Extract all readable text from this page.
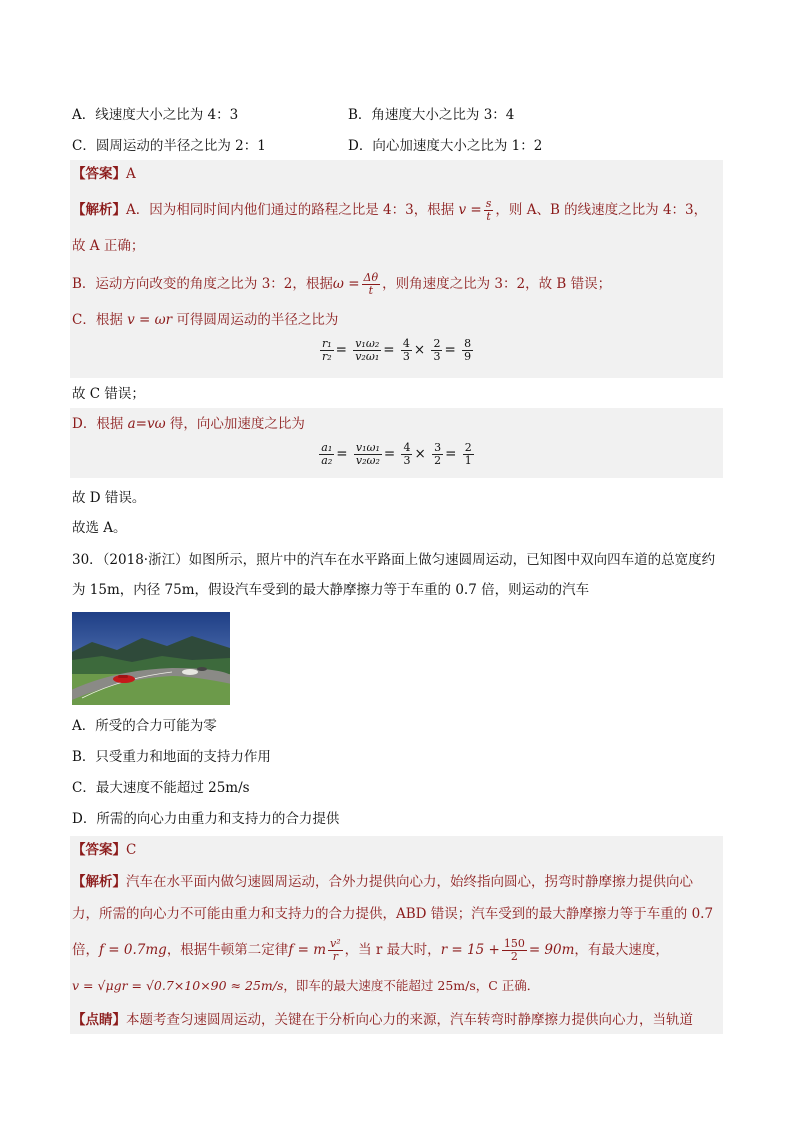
A．线速度大小之比为 4：3	B．角速度大小之比为 3：4
C．圆周运动的半径之比为 2：1	D．向心加速度大小之比为 1：2
【答案】A
【解析】A．因为相同时间内他们通过的路程之比是 4：3，根据 $v = \frac{s}{t}$ ，则 A、B 的线速度之比为 4：3，
故 A 正确；
B．运动方向改变的角度之比为 3：2，根据$\omega = \frac{\Delta\theta}{t}$ ，则角速度之比为 3：2，故 B 错误；
C．根据 v = ωr 可得圆周运动的半径之比为
$\frac{\text{r₁}}{\text{r₂}} = \frac{\text{v₁ω₂}}{\text{v₂ω₁}} = \frac{4}{3} \times \frac{2}{3} = \frac{8}{9}$
故 C 错误；
D．根据 a=vω 得，向心加速度之比为
$\frac{\text{a₁}}{\text{a₂}} = \frac{\text{v₁ω₁}}{\text{v₂ω₂}} = \frac{4}{3} \times \frac{3}{2} = \frac{2}{1}$
故 D 错误。
故选 A。
30．（2018·浙江）如图所示，照片中的汽车在水平路面上做匀速圆周运动，已知图中双向四车道的总宽度约
为 15m，内径 75m，假设汽车受到的最大静摩擦力等于车重的 0.7 倍，则运动的汽车
A．所受的合力可能为零
B．只受重力和地面的支持力作用
C．最大速度不能超过 25m/s
D．所需的向心力由重力和支持力的合力提供
【答案】C
【解析】汽车在水平面内做匀速圆周运动，合外力提供向心力，始终指向圆心，拐弯时静摩擦力提供向心
力，所需的向心力不可能由重力和支持力的合力提供，ABD 错误；汽车受到的最大静摩擦力等于车重的 0.7
倍，f = 0.7mg，根据牛顿第二定律f = m $\frac{\text{v²}}{r}$ ，当 r 最大时，$r = 15 + \frac{150}{2} = 90m$，有最大速度，
v = √μgr = √0.7×10×90 ≈ 25m/s，即车的最大速度不能超过 25m/s，C 正确．
【点睛】本题考查匀速圆周运动，关键在于分析向心力的来源，汽车转弯时静摩擦力提供向心力，当轨道
